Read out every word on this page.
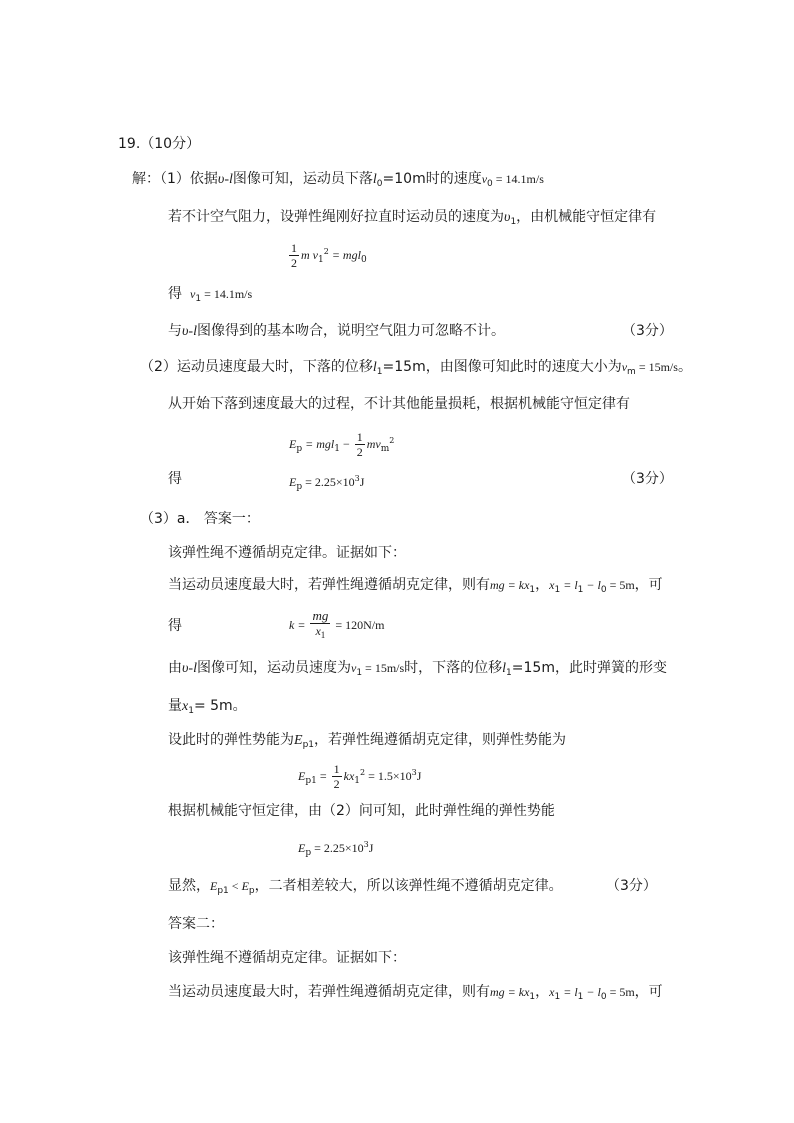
19.（10分）
解：（1）依据υ-l图像可知，运动员下落$l_0=10m$时的速度$v_0 = 14.1m/s$
若不计空气阻力，设弹性绳刚好拉直时运动员的速度为$\upsilon_1$，由机械能守恒定律有
$\frac{1}{2}$ m $v_1^2 = mgl_0$
得 $v_1 = 14.1m/s$
与υ-l图像得到的基本吻合，说明空气阻力可忽略不计。	（3分）
（2）运动员速度最大时，下落的位移$l_1=15m$，由图像可知此时的速度大小为$v_m = 15m/s$。
从开始下落到速度最大的过程，不计其他能量损耗，根据机械能守恒定律有
$E_p = mgl_1 - \frac{1}{2} mv_m^2$
得	$E_p = 2.25\times 10^3J$	（3分）
（3）a． 答案一：
该弹性绳不遵循胡克定律。证据如下：
当运动员速度最大时，若弹性绳遵循胡克定律，则有mg = $kx_1$，$x_1 = l_1 - l_0 = 5m$，可
得	$k = \frac{mg}{x_1} = 120N/m$
由υ-l图像可知，运动员速度为$v_1 = 15m/s$时，下落的位移$l_1=15m$，此时弹簧的形变
量$x_1= 5m$。
设此时的弹性势能为$E_{p1}$，若弹性绳遵循胡克定律，则弹性势能为
$E_{p1} = \frac{1}{2} kx_1^2 = 1.5\times 10^3J$
根据机械能守恒定律，由（2）问可知，此时弹性绳的弹性势能
$E_p = 2.25\times 10^3J$
显然，$E_{p1} < E_p$，二者相差较大，所以该弹性绳不遵循胡克定律。	（3分）
答案二：
该弹性绳不遵循胡克定律。证据如下：
当运动员速度最大时，若弹性绳遵循胡克定律，则有mg = $kx_1$，$x_1 = l_1 - l_0 = 5m$，可
